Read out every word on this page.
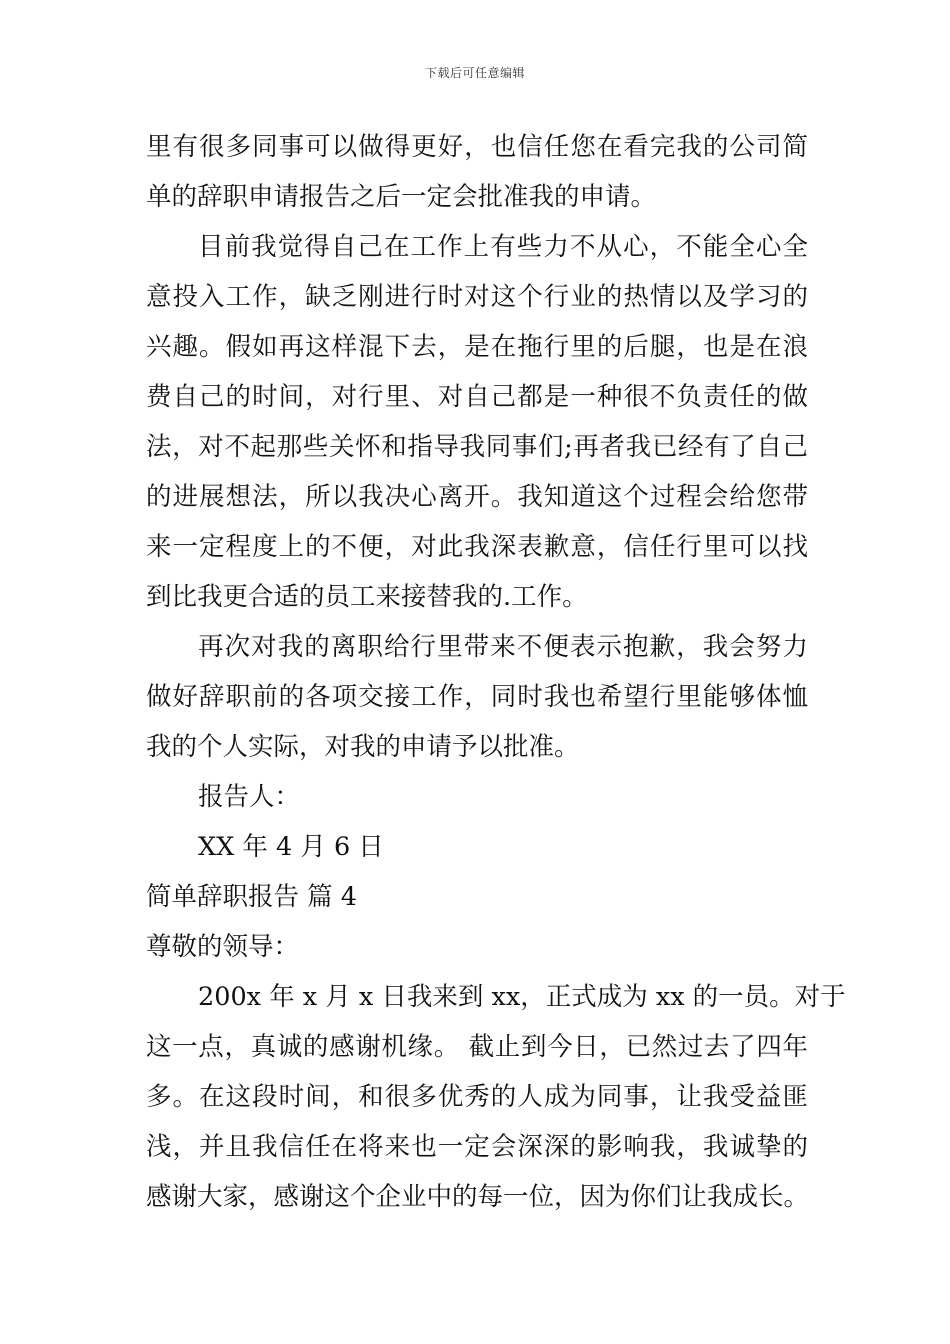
下载后可任意编辑
里有很多同事可以做得更好，也信任您在看完我的公司简
单的辞职申请报告之后一定会批准我的申请。
目前我觉得自己在工作上有些力不从心，不能全心全
意投入工作，缺乏刚进行时对这个行业的热情以及学习的
兴趣。假如再这样混下去，是在拖行里的后腿，也是在浪
费自己的时间，对行里、对自己都是一种很不负责任的做
法，对不起那些关怀和指导我同事们;再者我已经有了自己
的进展想法，所以我决心离开。我知道这个过程会给您带
来一定程度上的不便，对此我深表歉意，信任行里可以找
到比我更合适的员工来接替我的.工作。
再次对我的离职给行里带来不便表示抱歉，我会努力
做好辞职前的各项交接工作，同时我也希望行里能够体恤
我的个人实际，对我的申请予以批准。
报告人：
XX 年 4 月 6 日
简单辞职报告 篇 4
尊敬的领导：
200x 年 x 月 x 日我来到 xx，正式成为 xx 的一员。对于
这一点，真诚的感谢机缘。 截止到今日，已然过去了四年
多。在这段时间，和很多优秀的人成为同事，让我受益匪
浅，并且我信任在将来也一定会深深的影响我，我诚挚的
感谢大家，感谢这个企业中的每一位，因为你们让我成长。
